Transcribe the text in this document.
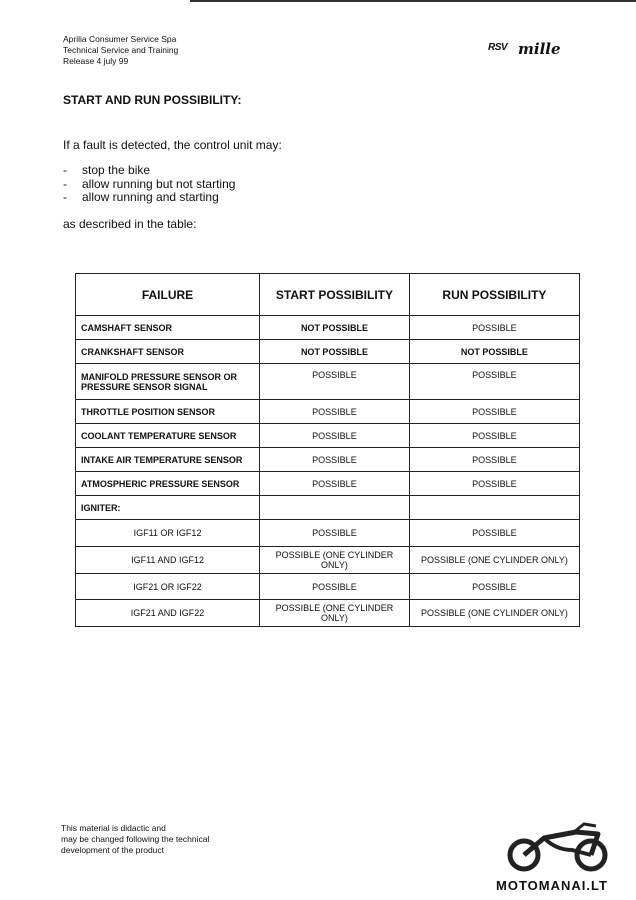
Aprilia Consumer Service Spa
Technical Service and Training
Release 4 july 99
RSV mille
START AND RUN POSSIBILITY:
If a fault is detected, the control unit may:
- stop the bike
- allow running but not starting
- allow running and starting
as described in the table:
FAILURE	START POSSIBILITY	RUN POSSIBILITY
CAMSHAFT SENSOR	NOT POSSIBLE	POSSIBLE
CRANKSHAFT SENSOR	NOT POSSIBLE	NOT POSSIBLE
MANIFOLD PRESSURE SENSOR OR PRESSURE SENSOR SIGNAL	POSSIBLE	POSSIBLE
THROTTLE POSITION SENSOR	POSSIBLE	POSSIBLE
COOLANT TEMPERATURE SENSOR	POSSIBLE	POSSIBLE
INTAKE AIR TEMPERATURE SENSOR	POSSIBLE	POSSIBLE
ATMOSPHERIC PRESSURE SENSOR	POSSIBLE	POSSIBLE
IGNITER:		
IGF11 OR IGF12	POSSIBLE	POSSIBLE
IGF11 AND IGF12	POSSIBLE (ONE CYLINDER ONLY)	POSSIBLE (ONE CYLINDER ONLY)
IGF21 OR IGF22	POSSIBLE	POSSIBLE
IGF21 AND IGF22	POSSIBLE (ONE CYLINDER ONLY)	POSSIBLE (ONE CYLINDER ONLY)
This material is didactic and
may be changed following the technical
development of the product
MOTOMANAI.LT
